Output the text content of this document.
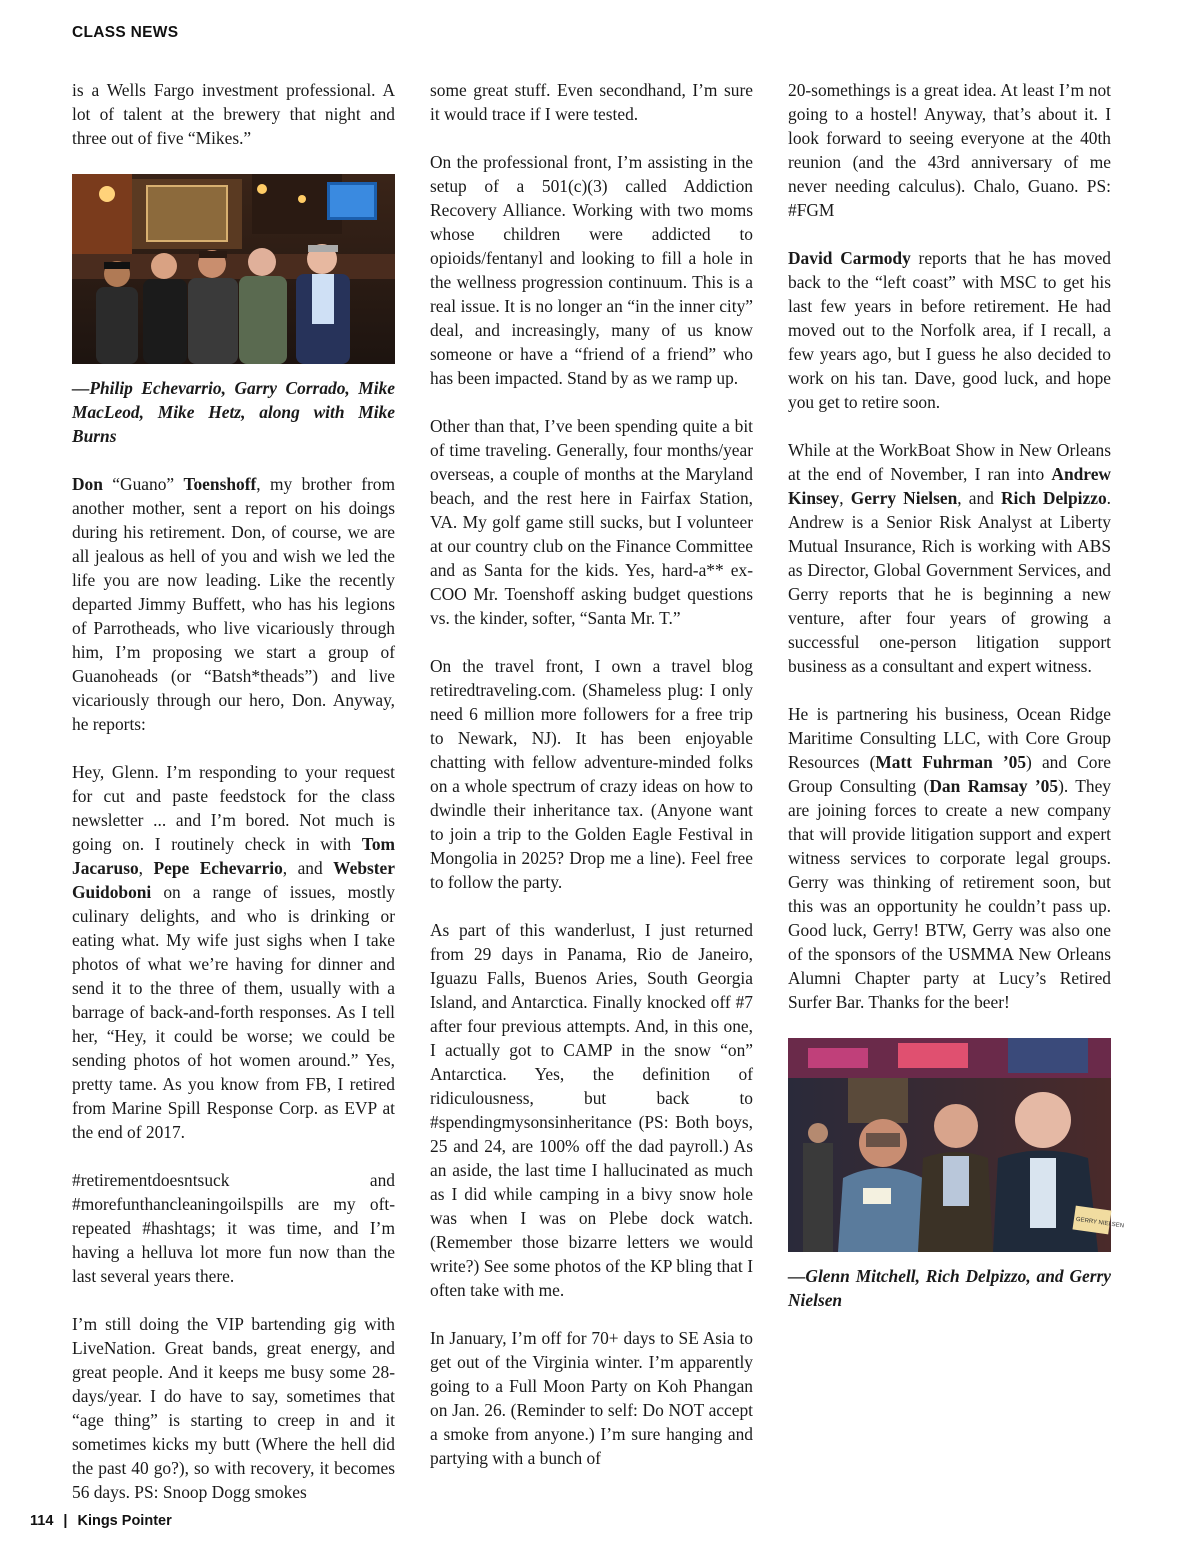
CLASS NEWS

is a Wells Fargo investment professional. A lot of talent at the brewery that night and three out of five “Mikes.”

—Philip Echevarrio, Garry Corrado, Mike MacLeod, Mike Hetz, along with Mike Burns

Don “Guano” Toenshoff, my brother from another mother, sent a report on his doings during his retirement. Don, of course, we are all jealous as hell of you and wish we led the life you are now leading. Like the recently departed Jimmy Buffett, who has his legions of Parrotheads, who live vicariously through him, I’m proposing we start a group of Guanoheads (or “Batsh*theads”) and live vicariously through our hero, Don. Anyway, he reports:

Hey, Glenn. I’m responding to your request for cut and paste feedstock for the class newsletter ... and I’m bored. Not much is going on. I routinely check in with Tom Jacaruso, Pepe Echevarrio, and Webster Guidoboni on a range of issues, mostly culinary delights, and who is drinking or eating what. My wife just sighs when I take photos of what we’re having for dinner and send it to the three of them, usually with a barrage of back-and-forth responses. As I tell her, “Hey, it could be worse; we could be sending photos of hot women around.” Yes, pretty tame. As you know from FB, I retired from Marine Spill Response Corp. as EVP at the end of 2017.

#retirementdoesntsuck and #morefunthancleaningoilspills are my oft-repeated #hashtags; it was time, and I’m having a helluva lot more fun now than the last several years there.

I’m still doing the VIP bartending gig with LiveNation. Great bands, great energy, and great people. And it keeps me busy some 28-days/year. I do have to say, sometimes that “age thing” is starting to creep in and it sometimes kicks my butt (Where the hell did the past 40 go?), so with recovery, it becomes 56 days. PS: Snoop Dogg smokes

some great stuff. Even secondhand, I’m sure it would trace if I were tested.

On the professional front, I’m assisting in the setup of a 501(c)(3) called Addiction Recovery Alliance. Working with two moms whose children were addicted to opioids/fentanyl and looking to fill a hole in the wellness progression continuum. This is a real issue. It is no longer an “in the inner city” deal, and increasingly, many of us know someone or have a “friend of a friend” who has been impacted. Stand by as we ramp up.

Other than that, I’ve been spending quite a bit of time traveling. Generally, four months/year overseas, a couple of months at the Maryland beach, and the rest here in Fairfax Station, VA. My golf game still sucks, but I volunteer at our country club on the Finance Committee and as Santa for the kids. Yes, hard-a** ex-COO Mr. Toenshoff asking budget questions vs. the kinder, softer, “Santa Mr. T.”

On the travel front, I own a travel blog retiredtraveling.com. (Shameless plug: I only need 6 million more followers for a free trip to Newark, NJ). It has been enjoyable chatting with fellow adventure-minded folks on a whole spectrum of crazy ideas on how to dwindle their inheritance tax. (Anyone want to join a trip to the Golden Eagle Festival in Mongolia in 2025? Drop me a line). Feel free to follow the party.

As part of this wanderlust, I just returned from 29 days in Panama, Rio de Janeiro, Iguazu Falls, Buenos Aries, South Georgia Island, and Antarctica. Finally knocked off #7 after four previous attempts. And, in this one, I actually got to CAMP in the snow “on” Antarctica. Yes, the definition of ridiculousness, but back to #spendingmysonsinheritance (PS: Both boys, 25 and 24, are 100% off the dad payroll.) As an aside, the last time I hallucinated as much as I did while camping in a bivy snow hole was when I was on Plebe dock watch. (Remember those bizarre letters we would write?) See some photos of the KP bling that I often take with me.

In January, I’m off for 70+ days to SE Asia to get out of the Virginia winter. I’m apparently going to a Full Moon Party on Koh Phangan on Jan. 26. (Reminder to self: Do NOT accept a smoke from anyone.) I’m sure hanging and partying with a bunch of

20-somethings is a great idea. At least I’m not going to a hostel! Anyway, that’s about it. I look forward to seeing everyone at the 40th reunion (and the 43rd anniversary of me never needing calculus). Chalo, Guano. PS: #FGM

David Carmody reports that he has moved back to the “left coast” with MSC to get his last few years in before retirement. He had moved out to the Norfolk area, if I recall, a few years ago, but I guess he also decided to work on his tan. Dave, good luck, and hope you get to retire soon.

While at the WorkBoat Show in New Orleans at the end of November, I ran into Andrew Kinsey, Gerry Nielsen, and Rich Delpizzo. Andrew is a Senior Risk Analyst at Liberty Mutual Insurance, Rich is working with ABS as Director, Global Government Services, and Gerry reports that he is beginning a new venture, after four years of growing a successful one-person litigation support business as a consultant and expert witness.

He is partnering his business, Ocean Ridge Maritime Consulting LLC, with Core Group Resources (Matt Fuhrman ’05) and Core Group Consulting (Dan Ramsay ’05). They are joining forces to create a new company that will provide litigation support and expert witness services to corporate legal groups. Gerry was thinking of retirement soon, but this was an opportunity he couldn’t pass up. Good luck, Gerry! BTW, Gerry was also one of the sponsors of the USMMA New Orleans Alumni Chapter party at Lucy’s Retired Surfer Bar. Thanks for the beer!

GERRY NIELSEN

—Glenn Mitchell, Rich Delpizzo, and Gerry Nielsen

114 | Kings Pointer
